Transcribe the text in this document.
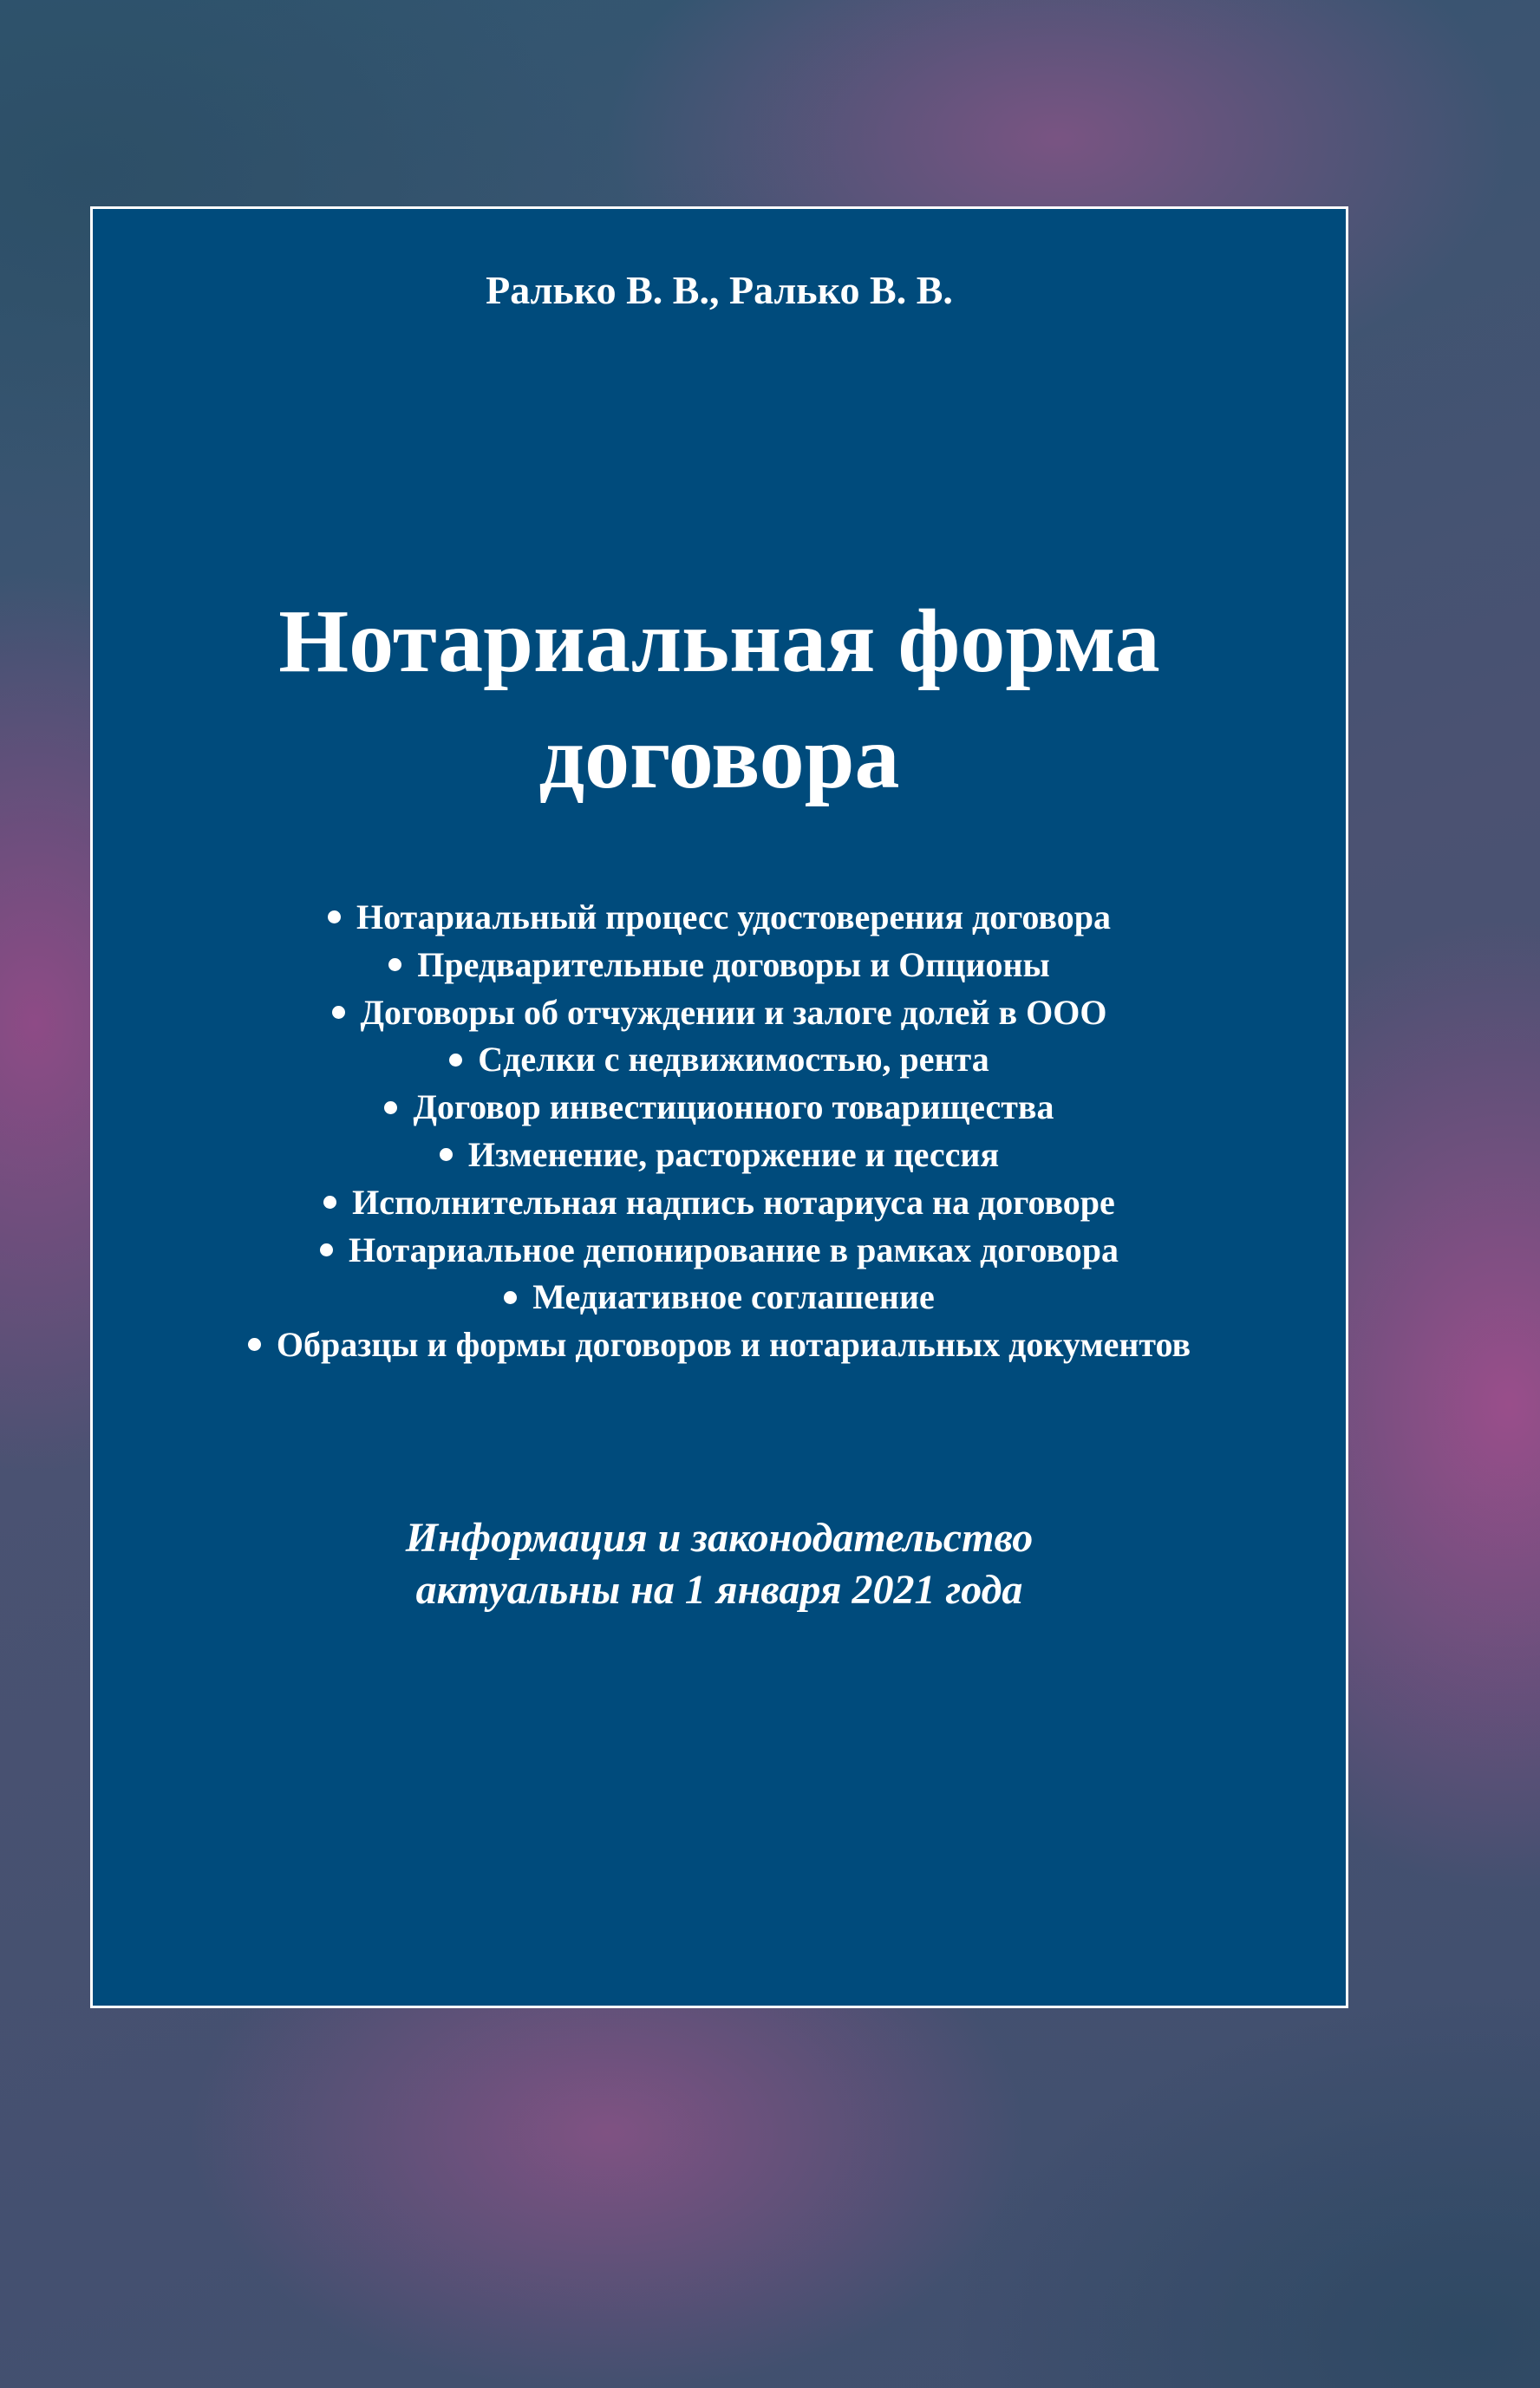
Ралько В. В., Ралько В. В.
Нотариальная форма
договора
Нотариальный процесс удостоверения договора
Предварительные договоры и Опционы
Договоры об отчуждении и залоге долей в ООО
Сделки с недвижимостью, рента
Договор инвестиционного товарищества
Изменение, расторжение и цессия
Исполнительная надпись нотариуса на договоре
Нотариальное депонирование в рамках договора
Медиативное соглашение
Образцы и формы договоров и нотариальных документов
Информация и законодательство
актуальны на 1 января 2021 года
